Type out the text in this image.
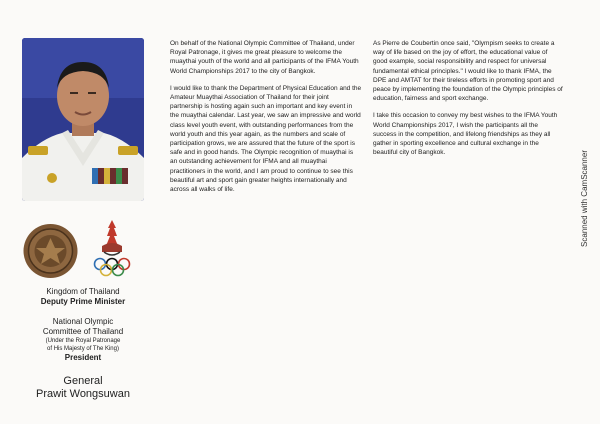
Kingdom of Thailand
Deputy Prime Minister
National Olympic
Committee of Thailand
(Under the Royal Patronage
of His Majesty of The King)
President
General
Prawit Wongsuwan

On behalf of the National Olympic Committee of Thailand, under Royal Patronage, it gives me great pleasure to welcome the muaythai youth of the world and all participants of the IFMA Youth World Championships 2017 to the city of Bangkok.

I would like to thank the Department of Physical Education and the Amateur Muaythai Association of Thailand for their joint partnership is hosting again such an important and key event in the muaythai calendar. Last year, we saw an impressive and world class level youth event, with outstanding performances from the world youth and this year again, as the numbers and scale of participation grows, we are assured that the future of the sport is safe and in good hands. The Olympic recognition of muaythai is an outstanding achievement for IFMA and all muaythai practitioners in the world, and I am proud to continue to see this beautiful art and sport gain greater heights internationally and across all walks of life.

As Pierre de Coubertin once said, "Olympism seeks to create a way of life based on the joy of effort, the educational value of good example, social responsibility and respect for universal fundamental ethical principles." I would like to thank IFMA, the DPE and AMTAT for their tireless efforts in promoting sport and peace by implementing the foundation of the Olympic principles of education, fairness and sport exchange.

I take this occasion to convey my best wishes to the IFMA Youth World Championships 2017, I wish the participants all the success in the competition, and lifelong friendships as they all gather in sporting excellence and cultural exchange in the beautiful city of Bangkok.	Scanned with CamScanner
